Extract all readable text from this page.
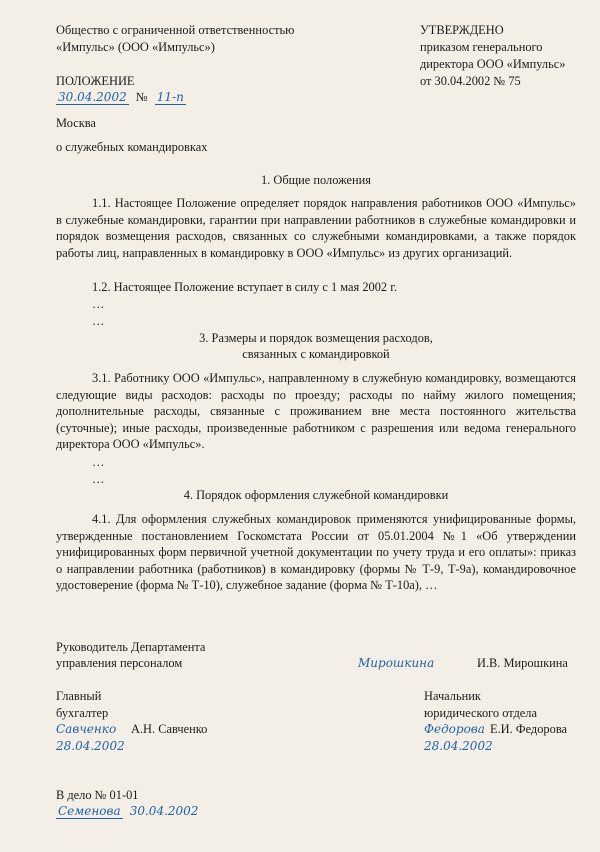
Общество с ограниченной ответственностью
«Импульс» (ООО «Импульс»)
УТВЕРЖДЕНО
приказом генерального
директора ООО «Импульс»
от 30.04.2002 № 75
ПОЛОЖЕНИЕ
30.04.2002 № 11-п
Москва
о служебных командировках
1. Общие положения
1.1. Настоящее Положение определяет порядок направления работников ООО «Импульс» в служебные командировки, гарантии при направлении работников в служебные командировки и порядок возмещения расходов, связанных со служебными командировками, а также порядок работы лиц, направленных в командировку в ООО «Импульс» из других организаций.
1.2. Настоящее Положение вступает в силу с 1 мая 2002 г.
…
…
3. Размеры и порядок возмещения расходов,
связанных с командировкой
3.1. Работнику ООО «Импульс», направленному в служебную командировку, возмещаются следующие виды расходов: расходы по проезду; расходы по найму жилого помещения; дополнительные расходы, связанные с проживанием вне места постоянного жительства (суточные); иные расходы, произведенные работником с разрешения или ведома генерального директора ООО «Импульс».
…
…
4. Порядок оформления служебной командировки
4.1. Для оформления служебных командировок применяются унифицированные формы, утвержденные постановлением Госкомстата России от 05.01.2004 №1 «Об утверждении унифицированных форм первичной учетной документации по учету труда и его оплаты»: приказ о направлении работника (работников) в командировку (формы № Т-9, Т-9а), командировочное удостоверение (форма № Т-10), служебное задание (форма № Т-10а), …
Руководитель Департамента
управления персоналом	Мирошкина	И.В. Мирошкина
Главный
бухгалтер
Савченко А.Н. Савченко
28.04.2002
Начальник
юридического отдела
Федорова Е.И. Федорова
28.04.2002
В дело № 01-01
Семенова 30.04.2002
